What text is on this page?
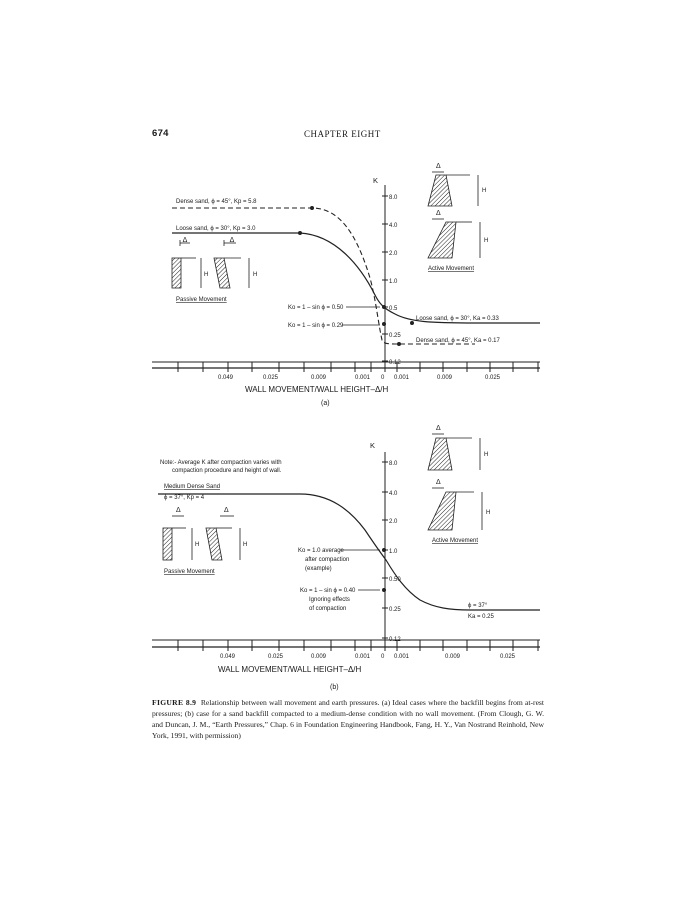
674	CHAPTER EIGHT
K
8.0
4.0
2.0
1.0
0.5
0.25
0.12
0.049	0.025	0.009	0.001 0 0.001	0.009	0.025
WALL MOVEMENT/WALL HEIGHT–Δ/H
(a)
Dense sand, ϕ = 45°, Kp = 5.8
Loose sand, ϕ = 30°, Kp = 3.0
Ko = 1 – sin ϕ = 0.50
Ko = 1 – sin ϕ = 0.29
Loose sand, ϕ = 30°, Ka = 0.33
Dense sand, ϕ = 45°, Ka = 0.17
Δ
H
Δ
H
Passive Movement
Δ
H
Δ
H
Active Movement
K
8.0
4.0
2.0
1.0
0.50
0.25
0.12
0.049	0.025	0.009	0.001 0 0.001	0.009	0.025
WALL MOVEMENT/WALL HEIGHT–Δ/H
(b)
Note:- Average K after compaction varies with
compaction procedure and height of wall.
Medium Dense Sand
ϕ = 37°, Kp = 4
Ko = 1.0 average
after compaction
(example)
Ko = 1 – sin ϕ = 0.40
Ignoring effects
of compaction	ϕ = 37°
Ka = 0.25
Δ
H
Δ
H
Passive Movement
Δ
H
Δ
H
Active Movement
FIGURE 8.9 Relationship between wall movement and earth pressures. (a) Ideal cases where the backfill begins from at-rest pressures; (b) case for a sand backfill compacted to a medium-dense condition with no wall movement. (From Clough, G. W. and Duncan, J. M., “Earth Pressures,” Chap. 6 in Foundation Engineering Handbook, Fang, H. Y., Van Nostrand Reinhold, New York, 1991, with permission)
